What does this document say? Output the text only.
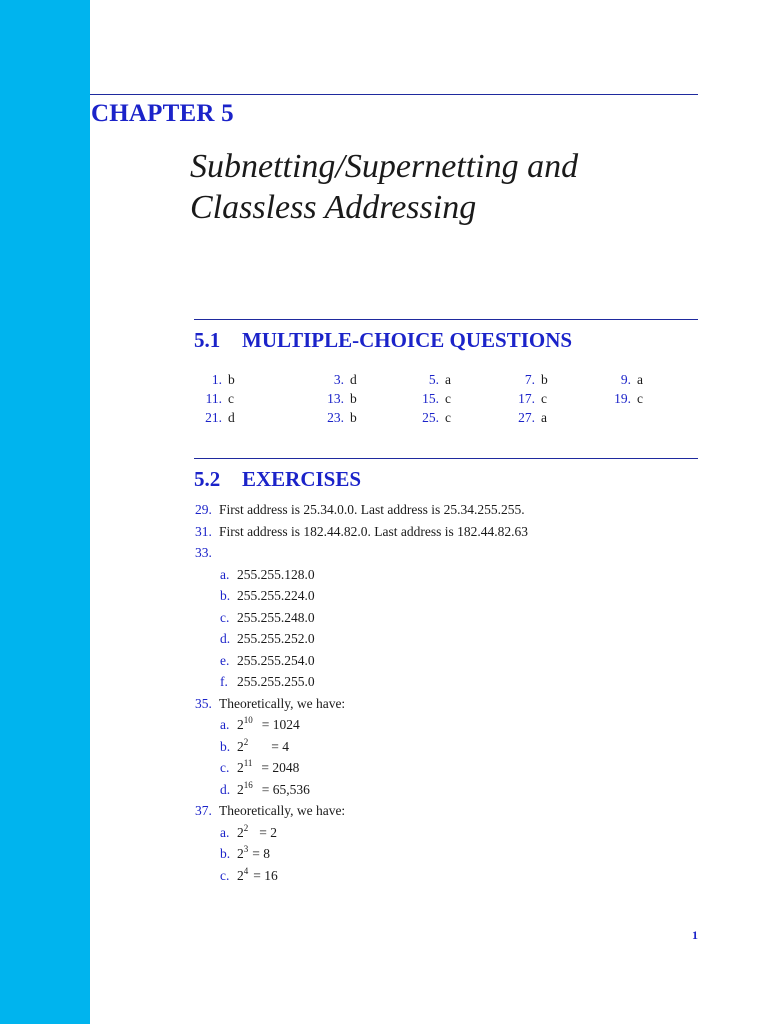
CHAPTER 5
Subnetting/Supernetting and
Classless Addressing
5.1 MULTIPLE-CHOICE QUESTIONS
1. b	3. d	5. a	7. b	9. a
11. c	13. b	15. c	17. c	19. c
21. d	23. b	25. c	27. a
5.2 EXERCISES
29. First address is 25.34.0.0. Last address is 25.34.255.255.
31. First address is 182.44.82.0. Last address is 182.44.82.63
33.
a. 255.255.128.0
b. 255.255.224.0
c. 255.255.248.0
d. 255.255.252.0
e. 255.255.254.0
f. 255.255.255.0
35. Theoretically, we have:
a. $2^{10} = 1024$
b. $2^2 = 4$
c. $2^{11} = 2048$
d. $2^{16} = 65,536$
37. Theoretically, we have:
a. $2^2 = 2$
b. $2^3 = 8$
c. $2^4 = 16$
1
